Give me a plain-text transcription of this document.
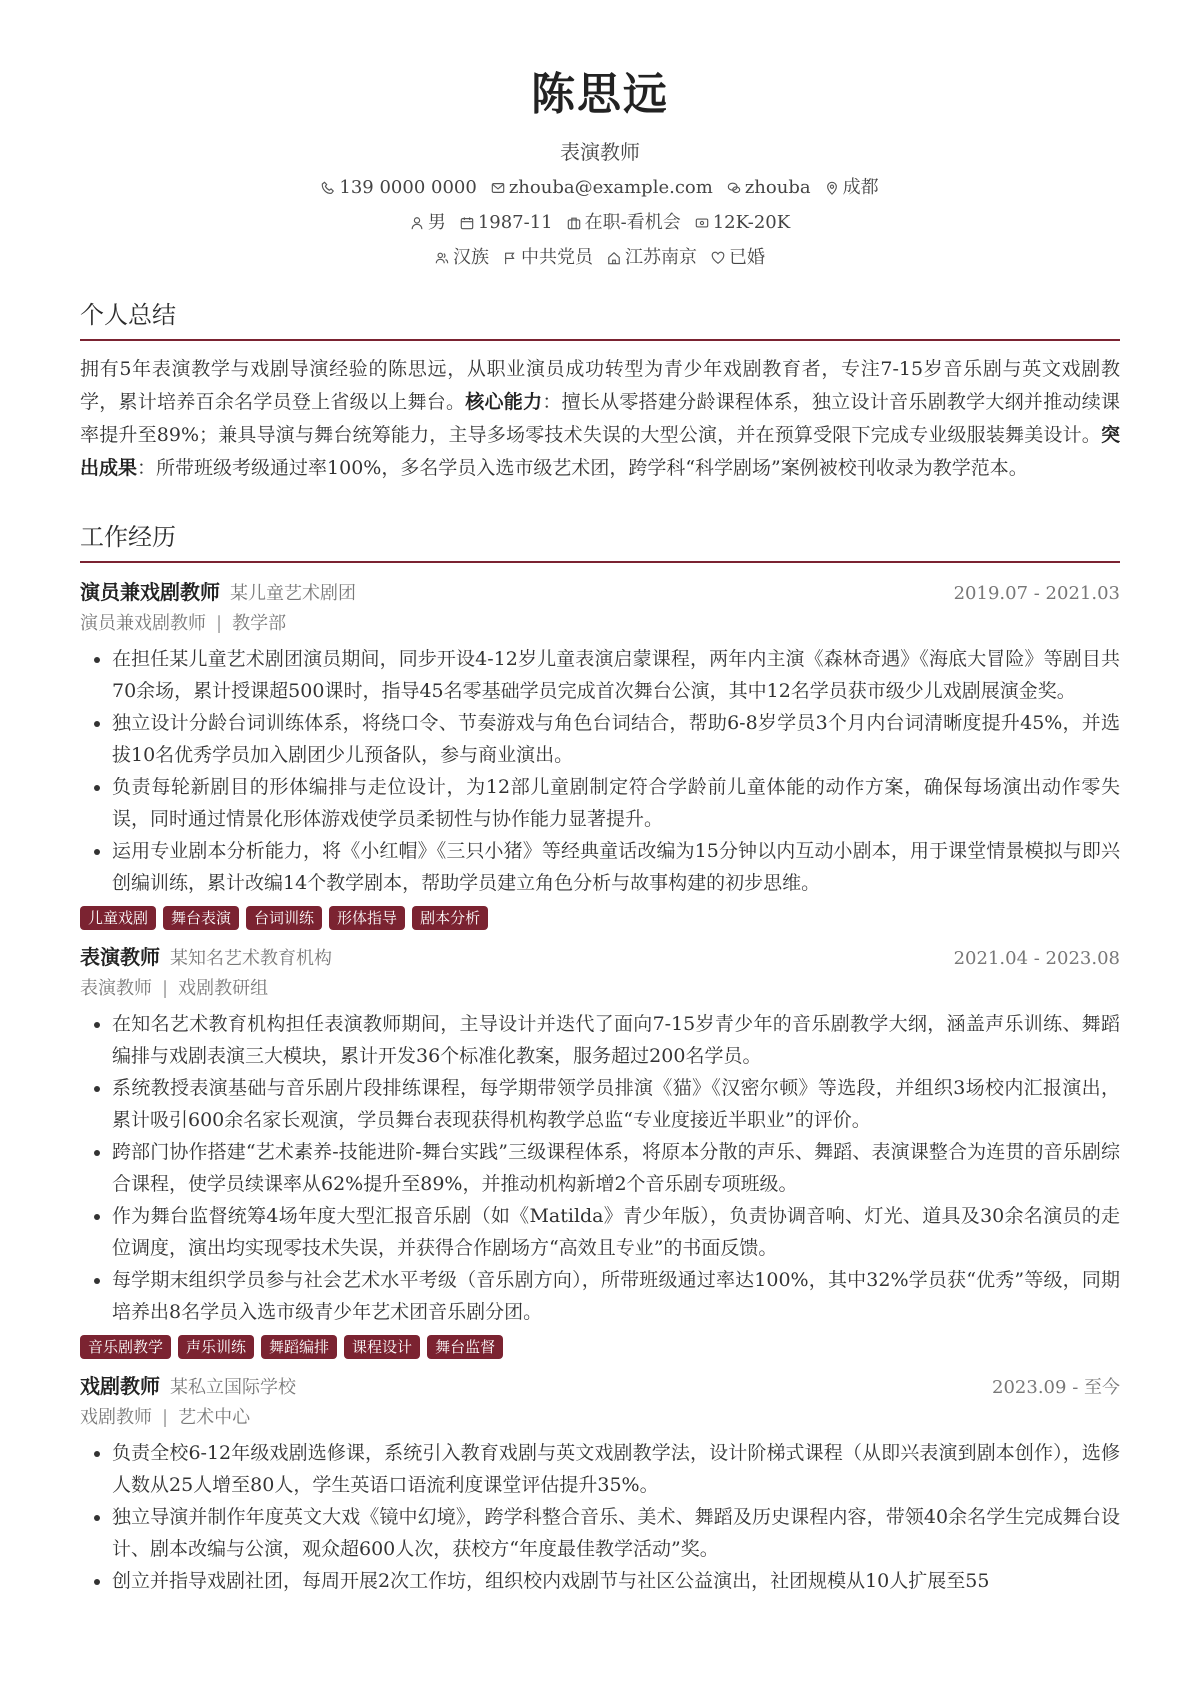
陈思远
表演教师
139 0000 0000 zhouba@example.com zhouba 成都
男 1987-11 在职-看机会 12K-20K
汉族 中共党员 江苏南京 已婚
个人总结
拥有5年表演教学与戏剧导演经验的陈思远，从职业演员成功转型为青少年戏剧教育者，专注7-15岁音乐剧与英文戏剧教学，累计培养百余名学员登上省级以上舞台。核心能力：擅长从零搭建分龄课程体系，独立设计音乐剧教学大纲并推动续课率提升至89%；兼具导演与舞台统筹能力，主导多场零技术失误的大型公演，并在预算受限下完成专业级服装舞美设计。突出成果：所带班级考级通过率100%，多名学员入选市级艺术团，跨学科“科学剧场”案例被校刊收录为教学范本。
工作经历
演员兼戏剧教师 某儿童艺术剧团	2019.07 - 2021.03
演员兼戏剧教师 | 教学部
• 在担任某儿童艺术剧团演员期间，同步开设4-12岁儿童表演启蒙课程，两年内主演《森林奇遇》《海底大冒险》等剧目共70余场，累计授课超500课时，指导45名零基础学员完成首次舞台公演，其中12名学员获市级少儿戏剧展演金奖。
• 独立设计分龄台词训练体系，将绕口令、节奏游戏与角色台词结合，帮助6-8岁学员3个月内台词清晰度提升45%，并选拔10名优秀学员加入剧团少儿预备队，参与商业演出。
• 负责每轮新剧目的形体编排与走位设计，为12部儿童剧制定符合学龄前儿童体能的动作方案，确保每场演出动作零失误，同时通过情景化形体游戏使学员柔韧性与协作能力显著提升。
• 运用专业剧本分析能力，将《小红帽》《三只小猪》等经典童话改编为15分钟以内互动小剧本，用于课堂情景模拟与即兴创编训练，累计改编14个教学剧本，帮助学员建立角色分析与故事构建的初步思维。
儿童戏剧	舞台表演	台词训练	形体指导	剧本分析
表演教师 某知名艺术教育机构	2021.04 - 2023.08
表演教师 | 戏剧教研组
• 在知名艺术教育机构担任表演教师期间，主导设计并迭代了面向7-15岁青少年的音乐剧教学大纲，涵盖声乐训练、舞蹈编排与戏剧表演三大模块，累计开发36个标准化教案，服务超过200名学员。
• 系统教授表演基础与音乐剧片段排练课程，每学期带领学员排演《猫》《汉密尔顿》等选段，并组织3场校内汇报演出，累计吸引600余名家长观演，学员舞台表现获得机构教学总监“专业度接近半职业”的评价。
• 跨部门协作搭建“艺术素养-技能进阶-舞台实践”三级课程体系，将原本分散的声乐、舞蹈、表演课整合为连贯的音乐剧综合课程，使学员续课率从62%提升至89%，并推动机构新增2个音乐剧专项班级。
• 作为舞台监督统筹4场年度大型汇报音乐剧（如《Matilda》青少年版），负责协调音响、灯光、道具及30余名演员的走位调度，演出均实现零技术失误，并获得合作剧场方“高效且专业”的书面反馈。
• 每学期末组织学员参与社会艺术水平考级（音乐剧方向），所带班级通过率达100%，其中32%学员获“优秀”等级，同期培养出8名学员入选市级青少年艺术团音乐剧分团。
音乐剧教学	声乐训练	舞蹈编排	课程设计	舞台监督
戏剧教师 某私立国际学校	2023.09 - 至今
戏剧教师 | 艺术中心
• 负责全校6-12年级戏剧选修课，系统引入教育戏剧与英文戏剧教学法，设计阶梯式课程（从即兴表演到剧本创作），选修人数从25人增至80人，学生英语口语流利度课堂评估提升35%。
• 独立导演并制作年度英文大戏《镜中幻境》，跨学科整合音乐、美术、舞蹈及历史课程内容，带领40余名学生完成舞台设计、剧本改编与公演，观众超600人次，获校方“年度最佳教学活动”奖。
• 创立并指导戏剧社团，每周开展2次工作坊，组织校内戏剧节与社区公益演出，社团规模从10人扩展至55
